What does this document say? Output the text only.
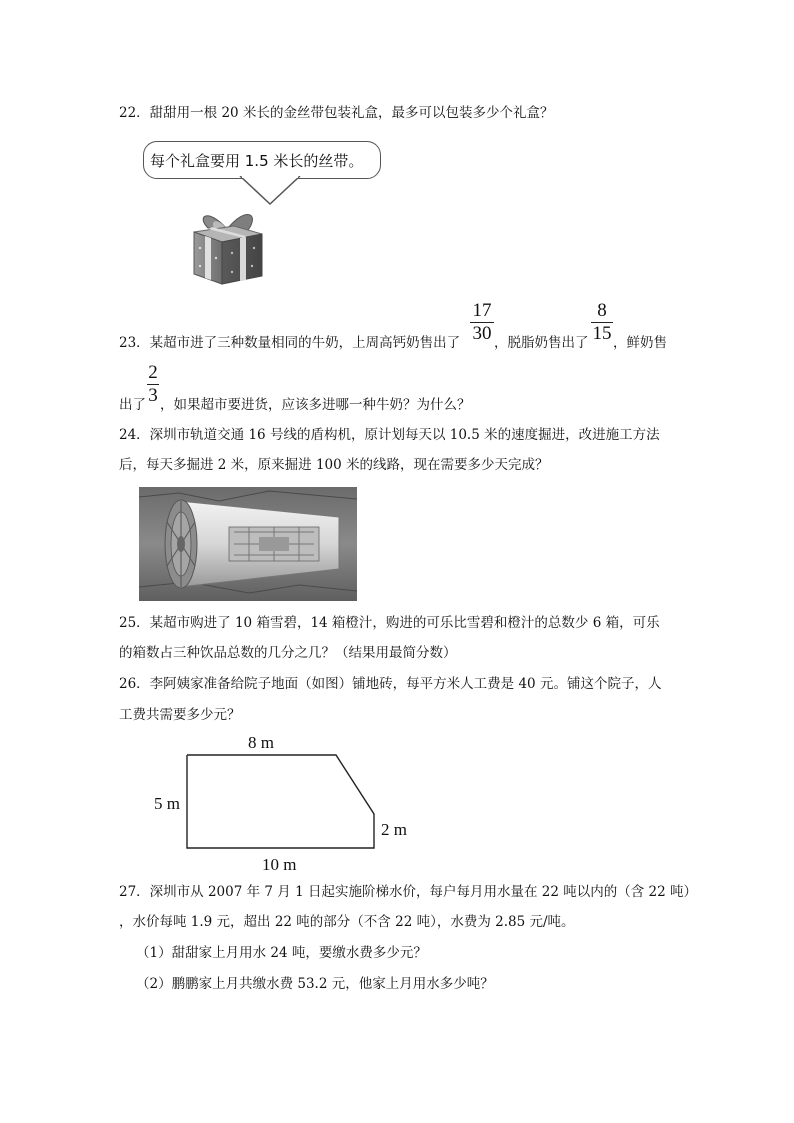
22．甜甜用一根 20 米长的金丝带包装礼盒，最多可以包装多少个礼盒？
每个礼盒要用 1.5 米长的丝带。
23．某超市进了三种数量相同的牛奶，上周高钙奶售出了
17
30 ，脱脂奶售出了
8
15 ，鲜奶售
出了
2
3 ，如果超市要进货，应该多进哪一种牛奶？为什么？
24．深圳市轨道交通 16 号线的盾构机，原计划每天以 10.5 米的速度掘进，改进施工方法
后，每天多掘进 2 米，原来掘进 100 米的线路，现在需要多少天完成？
25．某超市购进了 10 箱雪碧，14 箱橙汁，购进的可乐比雪碧和橙汁的总数少 6 箱，可乐
的箱数占三种饮品总数的几分之几？（结果用最简分数）
26．李阿姨家准备给院子地面（如图）铺地砖，每平方米人工费是 40 元。铺这个院子，人
工费共需要多少元？
8 m
5 m
2 m
10 m
27．深圳市从 2007 年 7 月 1 日起实施阶梯水价，每户每月用水量在 22 吨以内的（含 22 吨）
，水价每吨 1.9 元，超出 22 吨的部分（不含 22 吨），水费为 2.85 元/吨。
（1）甜甜家上月用水 24 吨，要缴水费多少元？
（2）鹏鹏家上月共缴水费 53.2 元，他家上月用水多少吨？
